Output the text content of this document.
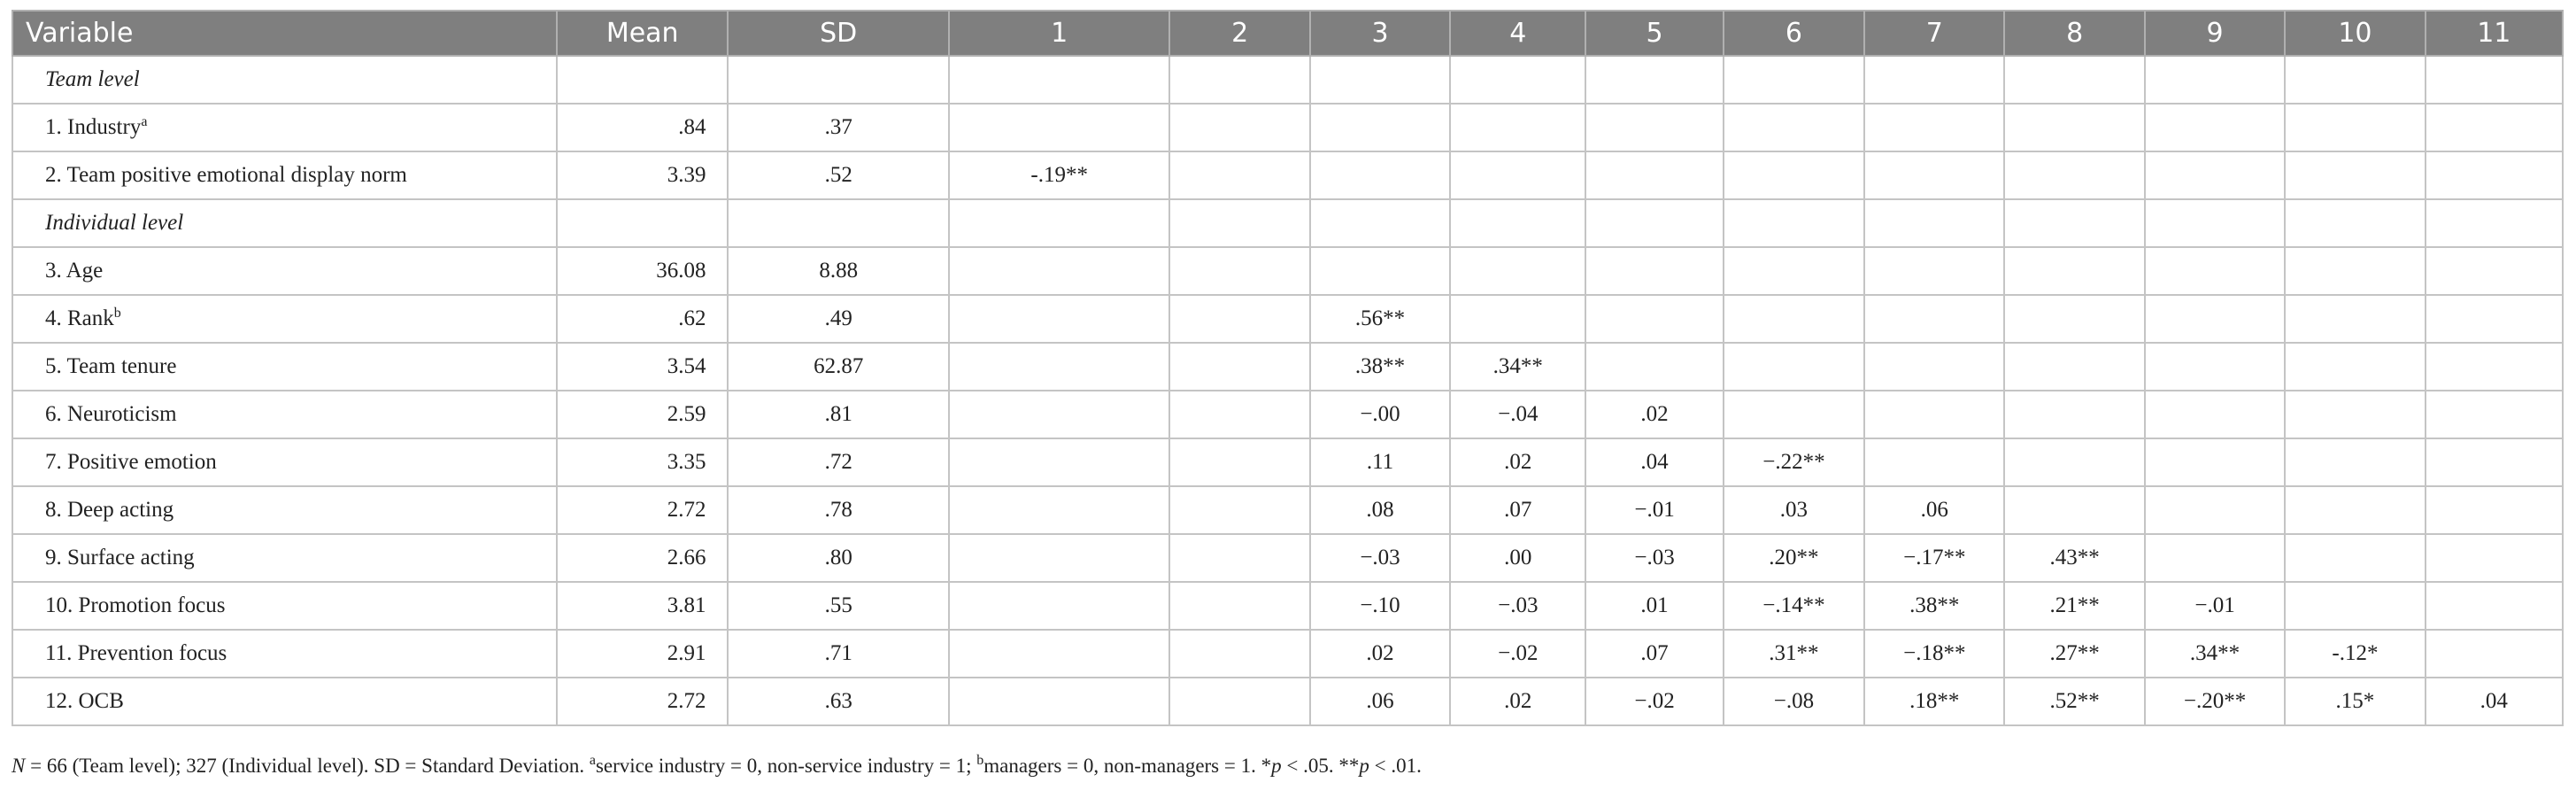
Variable	Mean	SD	1	2	3	4	5	6	7	8	9	10	11
Team level													
1. Industry$^a$	.84	.37											
2. Team positive emotional display norm	3.39	.52	-.19**										
Individual level													
3. Age	36.08	8.88											
4. Rank$^b$	.62	.49			.56**								
5. Team tenure	3.54	62.87			.38**	.34**							
6. Neuroticism	2.59	.81			−.00	−.04	.02						
7. Positive emotion	3.35	.72			.11	.02	.04	−.22**					
8. Deep acting	2.72	.78			.08	.07	−.01	.03	.06				
9. Surface acting	2.66	.80			−.03	.00	−.03	.20**	−.17**	.43**			
10. Promotion focus	3.81	.55			−.10	−.03	.01	−.14**	.38**	.21**	−.01		
11. Prevention focus	2.91	.71			.02	−.02	.07	.31**	−.18**	.27**	.34**	-.12*	
12. OCB	2.72	.63			.06	.02	−.02	−.08	.18**	.52**	−.20**	.15*	.04
N = 66 (Team level); 327 (Individual level). SD = Standard Deviation. $^a$service industry = 0, non-service industry = 1; $^b$managers = 0, non-managers = 1. *p < .05. **p < .01.
